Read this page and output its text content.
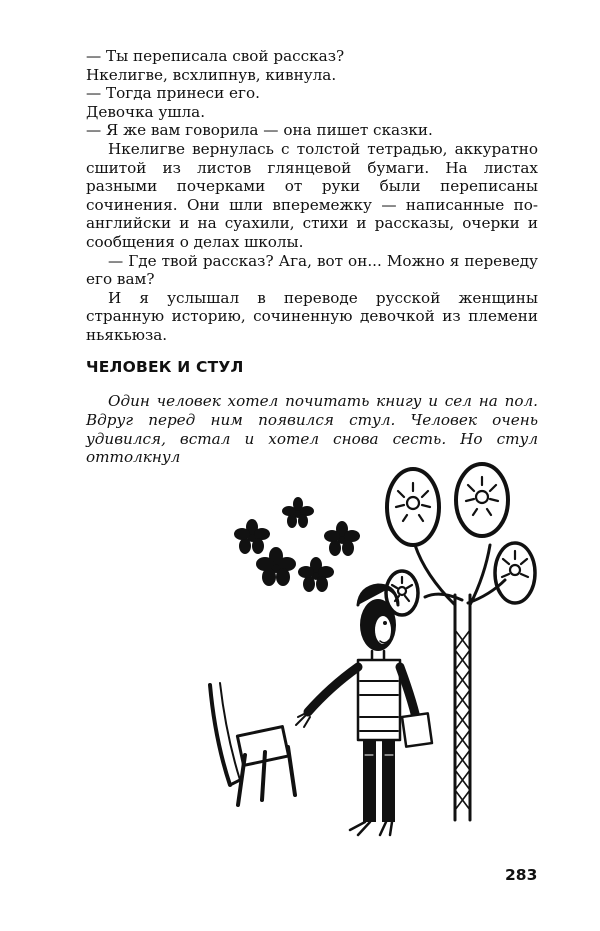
— Ты переписала свой рассказ?

Нкелигве, всхлипнув, кивнула.

— Тогда принеси его.

Девочка ушла.

— Я же вам говорила — она пишет сказки.

Нкелигве вернулась с толстой тетрадью, аккуратно сшитой из листов глянцевой бумаги. На листах разными почерками от руки были переписаны сочинения. Они шли вперемежку — написанные по-английски и на суахили, стихи и рассказы, очерки и сообщения о делах школы.

— Где твой рассказ? Ага, вот он... Можно я переведу его вам?

И я услышал в переводе русской женщины странную историю, сочиненную девочкой из племени ньякьюза.

ЧЕЛОВЕК И СТУЛ
Один человек хотел почитать книгу и сел на пол. Вдруг перед ним появился стул. Человек очень удивился, встал и хотел снова сесть. Но стул оттолкнул
283
